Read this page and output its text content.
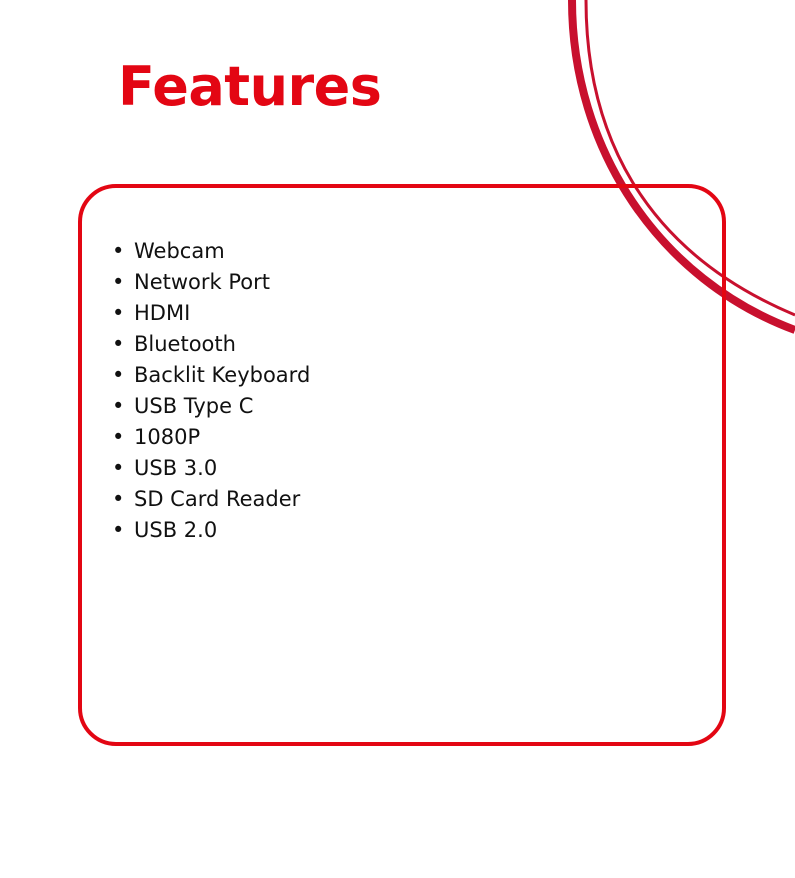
Features
• Webcam
• Network Port
• HDMI
• Bluetooth
• Backlit Keyboard
• USB Type C
• 1080P
• USB 3.0
• SD Card Reader
• USB 2.0
